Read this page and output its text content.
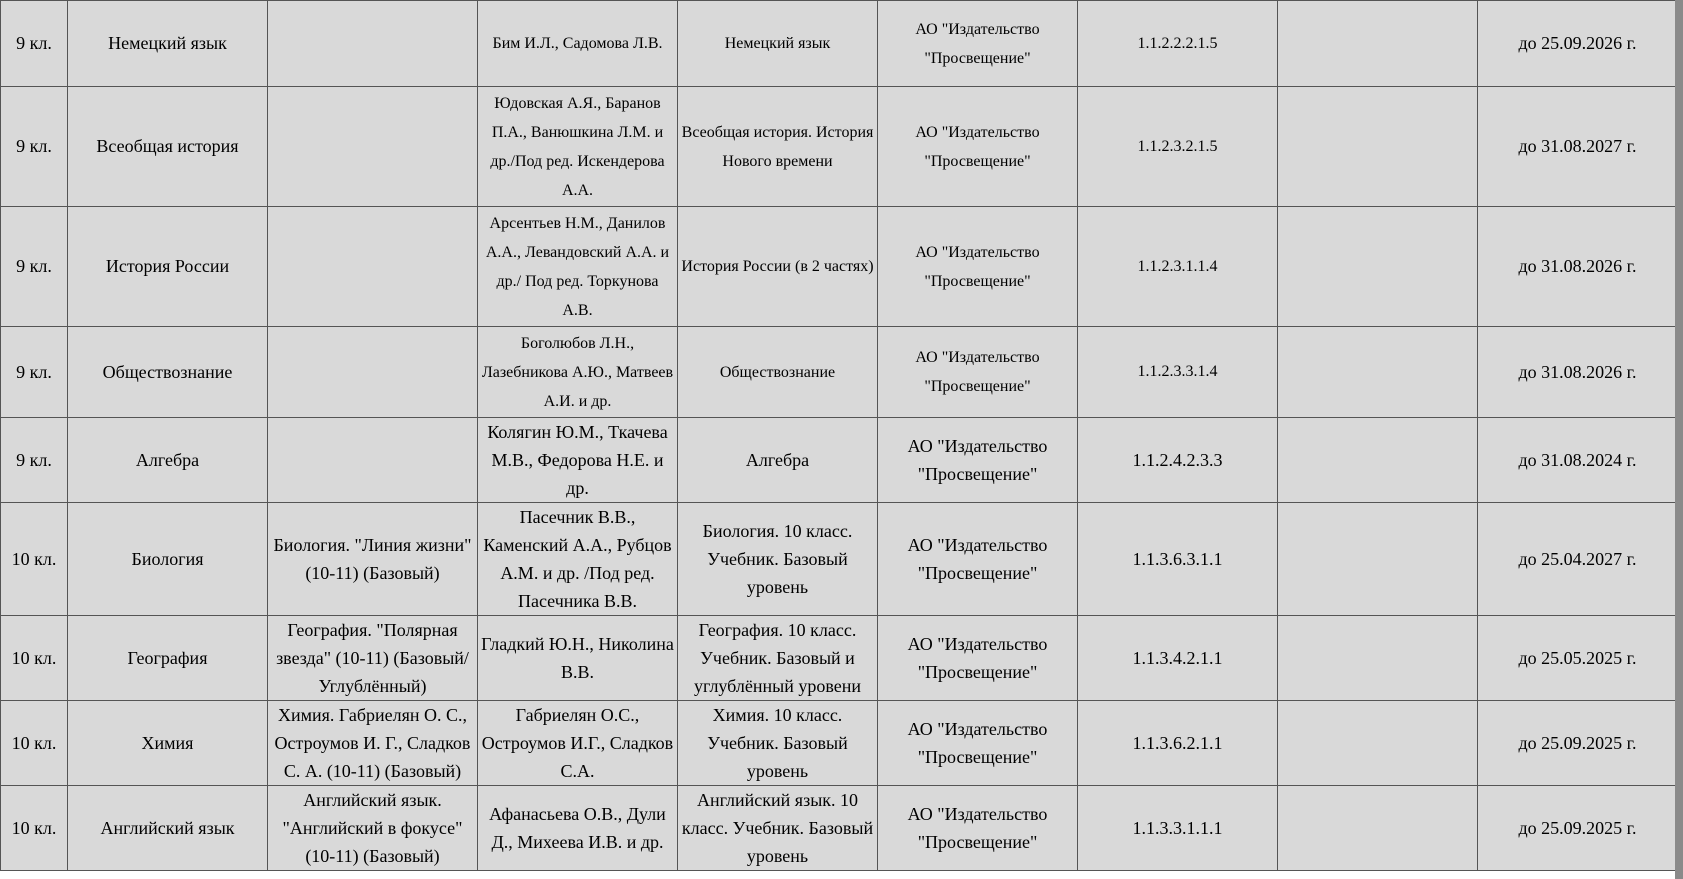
9 кл.	Немецкий язык		Бим И.Л., Садомова Л.В.	Немецкий язык	АО "Издательство "Просвещение"	1.1.2.2.2.1.5		до 25.09.2026 г.	
9 кл.	Всеобщая история		Юдовская А.Я., Баранов П.А., Ванюшкина Л.М. и др./Под ред. Искендерова А.А.	Всеобщая история. История Нового времени	АО "Издательство "Просвещение"	1.1.2.3.2.1.5		до 31.08.2027 г.	
9 кл.	История России		Арсентьев Н.М., Данилов А.А., Левандовский А.А. и др./ Под ред. Торкунова А.В.	История России (в 2 частях)	АО "Издательство "Просвещение"	1.1.2.3.1.1.4		до 31.08.2026 г.	
9 кл.	Обществознание		Боголюбов Л.Н., Лазебникова А.Ю., Матвеев А.И. и др.	Обществознание	АО "Издательство "Просвещение"	1.1.2.3.3.1.4		до 31.08.2026 г.	
9 кл.	Алгебра		Колягин Ю.М., Ткачева М.В., Федорова Н.Е. и др.	Алгебра	АО "Издательство "Просвещение"	1.1.2.4.2.3.3		до 31.08.2024 г.	
10 кл.	Биология	Биология. "Линия жизни" (10-11) (Базовый)	Пасечник В.В., Каменский А.А., Рубцов А.М. и др. /Под ред. Пасечника В.В.	Биология. 10 класс. Учебник. Базовый уровень	АО "Издательство "Просвещение"	1.1.3.6.3.1.1		до 25.04.2027 г.	
10 кл.	География	География. "Полярная звезда" (10-11) (Базовый/ Углублённый)	Гладкий Ю.Н., Николина В.В.	География. 10 класс. Учебник. Базовый и углублённый уровени	АО "Издательство "Просвещение"	1.1.3.4.2.1.1		до 25.05.2025 г.	
10 кл.	Химия	Химия. Габриелян О. С., Остроумов И. Г., Сладков С. А. (10-11) (Базовый)	Габриелян О.С., Остроумов И.Г., Сладков С.А.	Химия. 10 класс. Учебник. Базовый уровень	АО "Издательство "Просвещение"	1.1.3.6.2.1.1		до 25.09.2025 г.	
10 кл.	Английский язык	Английский язык. "Английский в фокусе" (10-11) (Базовый)	Афанасьева О.В., Дули Д., Михеева И.В. и др.	Английский язык. 10 класс. Учебник. Базовый уровень	АО "Издательство "Просвещение"	1.1.3.3.1.1.1		до 25.09.2025 г.	
